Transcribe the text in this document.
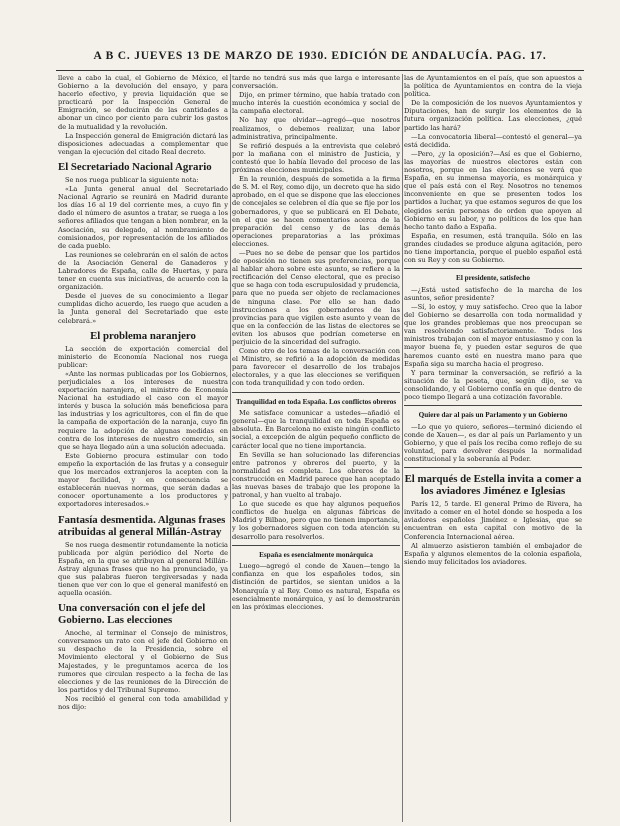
A B C. JUEVES 13 DE MARZO DE 1930. EDICIÓN DE ANDALUCÍA. PAG. 17.

lleve a cabo la cual, el Gobierno de México, el Gobierno a la devolución del ensayo, y para hacerlo efectivo, y previa liquidación que se practicará por la Inspección General de Emigración, se deducirán de las cantidades a abonar un cinco por ciento para cubrir los gastos de la mutualidad y la revolución.

La Inspección general de Emigración dictará las disposiciones adecuadas a complementar que vengan la ejecución del citado Real decreto.

El Secretariado Nacional Agrario

Se nos ruega publicar la siguiente nota:

«La Junta general anual del Secretariado Nacional Agrario se reunirá en Madrid durante los días 16 al 19 del corriente mes, a cuyo fin y dado el número de asuntos a tratar, se ruega a los señores afiliados que tengan a bien nombrar, en la Asociación, su delegado, al nombramiento de comisionados, por representación de los afiliados de cada pueblo.

Las reuniones se celebrarán en el salón de actos de la Asociación General de Ganaderos y Labradores de España, calle de Huertas, y para tener en cuenta sus iniciativas, de acuerdo con la organización.

Desde el jueves de su conocimiento a llegar cumplidas dicho acuerdo, les ruego que acuden a la Junta general del Secretariado que este celebrará.»

El problema naranjero

La sección de exportación comercial del ministerio de Economía Nacional nos ruega publicar:

«Ante las normas publicadas por los Gobiernos, perjudiciales a los intereses de nuestra exportación naranjera, el ministro de Economía Nacional ha estudiado el caso con el mayor interés y busca la solución más beneficiosa para las industrias y los agricultores, con el fin de que la campaña de exportación de la naranja, cuyo fin requiere la adopción de algunas medidas en contra de los intereses de nuestro comercio, sin que se haya llegado aún a una solución adecuada.

Este Gobierno procura estimular con todo empeño la exportación de las frutas y a conseguir que los mercados extranjeros la acepten con la mayor facilidad, y en consecuencia se establecerán nuevas normas, que serán dadas a conocer oportunamente a los productores y exportadores interesados.»

Fantasía desmentida. Algunas frases atribuidas al general Millán-Astray

Se nos ruega desmentir rotundamente la noticia publicada por algún periódico del Norte de España, en la que se atribuyen al general Millán-Astray algunas frases que no ha pronunciado, ya que sus palabras fueron tergiversadas y nada tienen que ver con lo que el general manifestó en aquella ocasión.

Una conversación con el jefe del Gobierno. Las elecciones

Anoche, al terminar el Consejo de ministros, conversamos un rato con el jefe del Gobierno en su despacho de la Presidencia, sobre el Movimiento electoral y el Gobierno de Sus Majestades, y le preguntamos acerca de los rumores que circulan respecto a la fecha de las elecciones y de las reuniones de la Dirección de los partidos y del Tribunal Supremo.

Nos recibió el general con toda amabilidad y nos dijo:

tarde no tendrá sus más que larga e interesante conversación.

Dijo, en primer término, que había tratado con mucho interés la cuestión económica y social de la campaña electoral.

No hay que olvidar—agregó—que nosotros realizamos, o debemos realizar, una labor administrativa, principalmente.

Se refirió después a la entrevista que celebró por la mañana con el ministro de Justicia, y contestó que lo había llevado del proceso de las próximas elecciones municipales.

En la reunión, después de sometida a la firma de S. M. el Rey, como dijo, un decreto que ha sido aprobado, en el que se dispone que las elecciones de concejales se celebren el día que se fije por los gobernadores, y que se publicará en El Debate, en el que se hacen comentarios acerca de la preparación del censo y de las demás operaciones preparatorias a las próximas elecciones.

—Pues no se debe de pensar que los partidos de oposición no tienen sus preferencias, porque al hablar ahora sobre este asunto, se refiere a la rectificación del Censo electoral, que es preciso que se haga con toda escrupulosidad y prudencia, para que no pueda ser objeto de reclamaciones de ninguna clase. Por ello se han dado instrucciones a los gobernadores de las provincias para que vigilen este asunto y vean de que en la confección de las listas de electores se eviten los abusos que podrían cometerse en perjuicio de la sinceridad del sufragio.

Como otro de los temas de la conversación con el Ministro, se refirió a la adopción de medidas para favorecer el desarrollo de los trabajos electorales, y a que las elecciones se verifiquen con toda tranquilidad y con todo orden.

Tranquilidad en toda España. Los conflictos obreros

Me satisface comunicar a ustedes—añadió el general—que la tranquilidad en toda España es absoluta. En Barcelona no existe ningún conflicto social, a excepción de algún pequeño conflicto de carácter local que no tiene importancia.

En Sevilla se han solucionado las diferencias entre patronos y obreros del puerto, y la normalidad es completa. Los obreros de la construcción en Madrid parece que han aceptado las nuevas bases de trabajo que les propone la patronal, y han vuelto al trabajo.

Lo que sucede es que hay algunos pequeños conflictos de huelga en algunas fábricas de Madrid y Bilbao, pero que no tienen importancia, y los gobernadores siguen con toda atención su desarrollo para resolverlos.

España es esencialmente monárquica

Luego—agregó el conde de Xauen—tengo la confianza en que los españoles todos, sin distinción de partidos, se sientan unidos a la Monarquía y al Rey. Como es natural, España es esencialmente monárquica, y así lo demostrarán en las próximas elecciones.

las de Ayuntamientos en el país, que son apuestos a la política de Ayuntamientos en contra de la vieja política.

De la composición de los nuevos Ayuntamientos y Diputaciones, han de surgir los elementos de la futura organización política. Las elecciones, ¿qué partido las hará?

—La convocatoria liberal—contestó el general—ya está decidida.

—Pero, ¿y la oposición?—Así es que el Gobierno, las mayorías de nuestros electores están con nosotros, porque en las elecciones se verá que España, en su inmensa mayoría, es monárquica y que el país está con el Rey. Nosotros no tenemos inconveniente en que se presenten todos los partidos a luchar, ya que estamos seguros de que los elegidos serán personas de orden que apoyen al Gobierno en su labor, y no políticos de los que han hecho tanto daño a España.

España, en resumen, está tranquila. Sólo en las grandes ciudades se produce alguna agitación, pero no tiene importancia, porque el pueblo español está con su Rey y con su Gobierno.

El presidente, satisfecho

—¿Está usted satisfecho de la marcha de los asuntos, señor presidente?

—Sí, lo estoy, y muy satisfecho. Creo que la labor del Gobierno se desarrolla con toda normalidad y que los grandes problemas que nos preocupan se van resolviendo satisfactoriamente. Todos los ministros trabajan con el mayor entusiasmo y con la mayor buena fe, y pueden estar seguros de que haremos cuanto esté en nuestra mano para que España siga su marcha hacia el progreso.

Y para terminar la conversación, se refirió a la situación de la peseta, que, según dijo, se va consolidando, y el Gobierno confía en que dentro de poco tiempo llegará a una cotización favorable.

Quiere dar al país un Parlamento y un Gobierno

—Lo que yo quiero, señores—terminó diciendo el conde de Xauen—, es dar al país un Parlamento y un Gobierno, y que el país los reciba como reflejo de su voluntad, para devolver después la normalidad constitucional y la soberanía al Poder.

El marqués de Estella invita a comer a los aviadores Jiménez e Iglesias

París 12, 5 tarde. El general Primo de Rivera, ha invitado a comer en el hotel donde se hospeda a los aviadores españoles Jiménez e Iglesias, que se encuentran en esta capital con motivo de la Conferencia Internacional aérea.

Al almuerzo asistieron también el embajador de España y algunos elementos de la colonia española, siendo muy felicitados los aviadores.
